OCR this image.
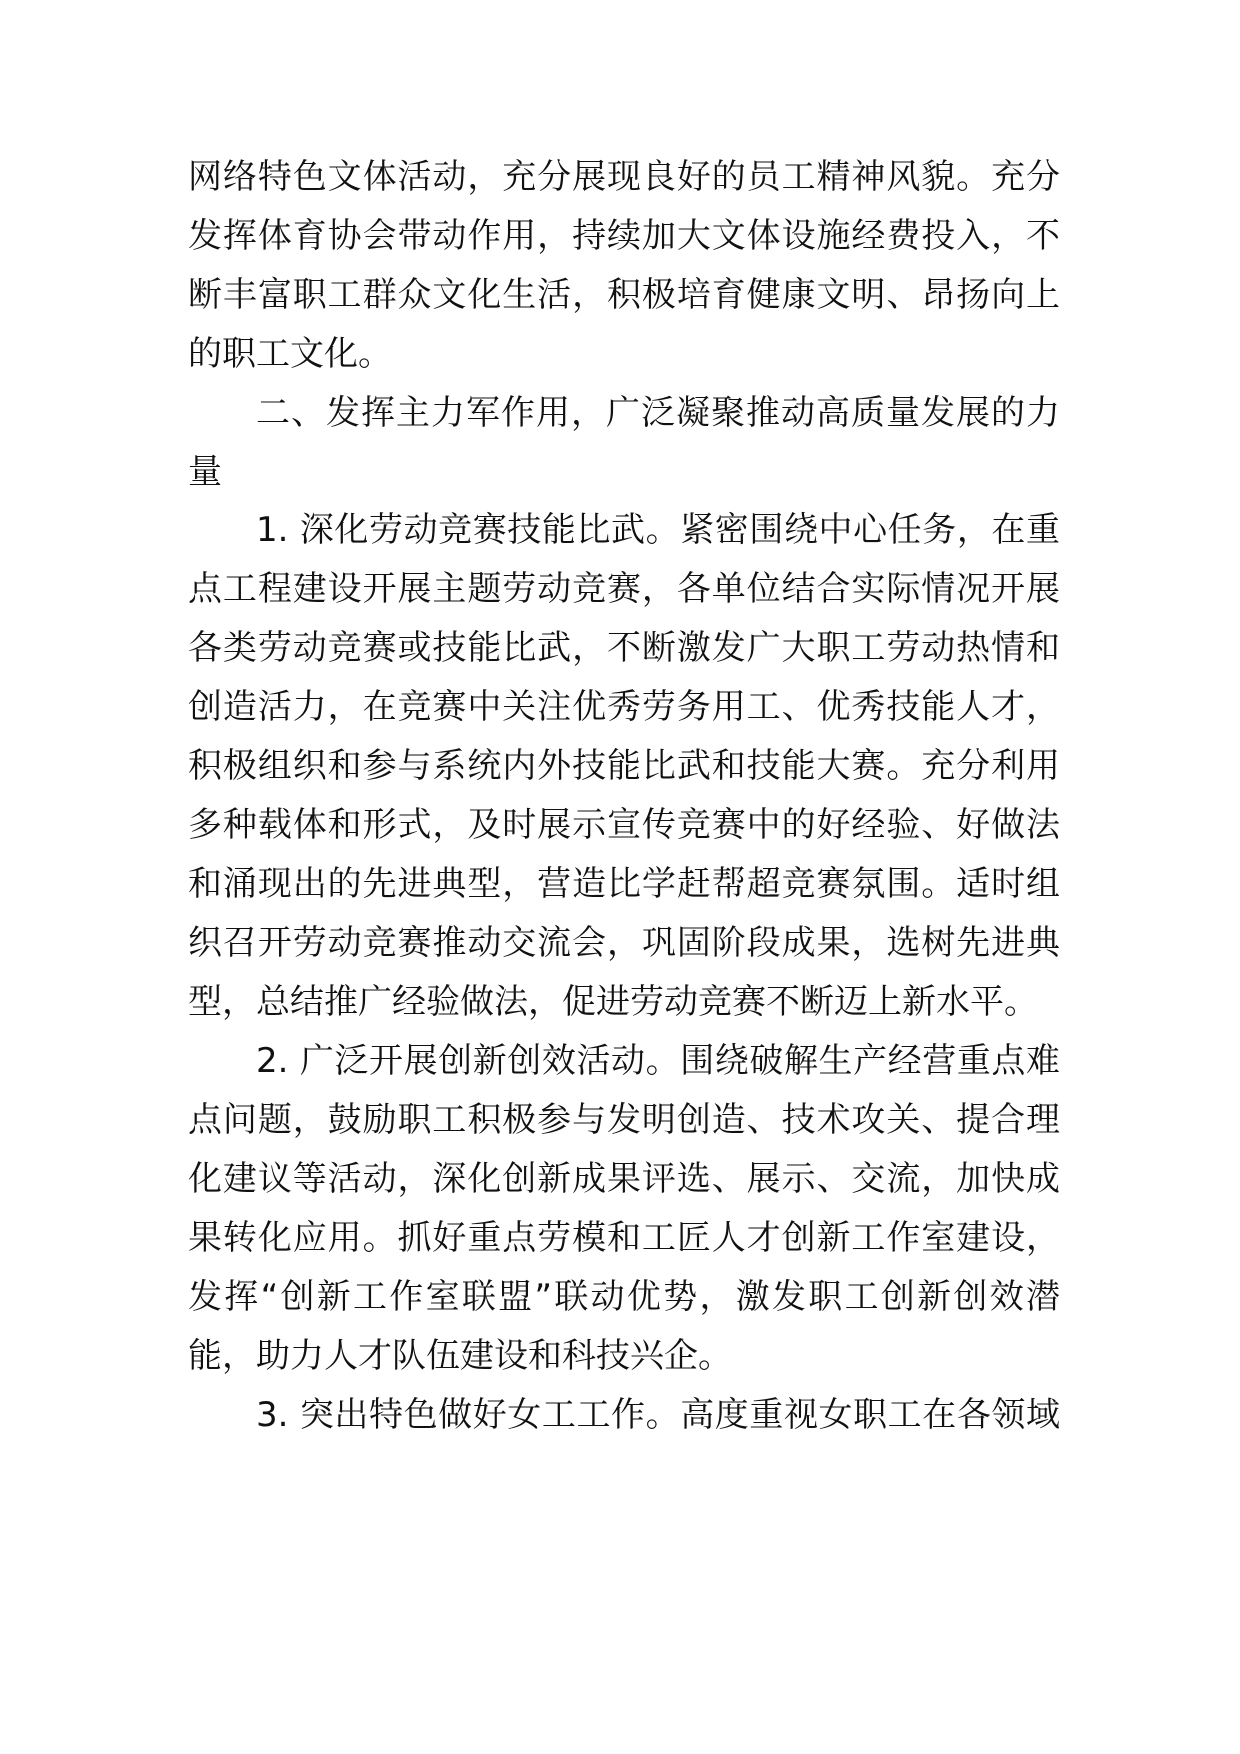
网络特色文体活动，充分展现良好的员工精神风貌。充分

发挥体育协会带动作用，持续加大文体设施经费投入，不

断丰富职工群众文化生活，积极培育健康文明、昂扬向上

的职工文化。

二、发挥主力军作用，广泛凝聚推动高质量发展的力

量

1. 深化劳动竞赛技能比武。紧密围绕中心任务，在重

点工程建设开展主题劳动竞赛，各单位结合实际情况开展

各类劳动竞赛或技能比武，不断激发广大职工劳动热情和

创造活力，在竞赛中关注优秀劳务用工、优秀技能人才，

积极组织和参与系统内外技能比武和技能大赛。充分利用

多种载体和形式，及时展示宣传竞赛中的好经验、好做法

和涌现出的先进典型，营造比学赶帮超竞赛氛围。适时组

织召开劳动竞赛推动交流会，巩固阶段成果，选树先进典

型，总结推广经验做法，促进劳动竞赛不断迈上新水平。

2. 广泛开展创新创效活动。围绕破解生产经营重点难

点问题，鼓励职工积极参与发明创造、技术攻关、提合理

化建议等活动，深化创新成果评选、展示、交流，加快成

果转化应用。抓好重点劳模和工匠人才创新工作室建设，

发挥“创新工作室联盟”联动优势，激发职工创新创效潜

能，助力人才队伍建设和科技兴企。

3. 突出特色做好女工工作。高度重视女职工在各领域
